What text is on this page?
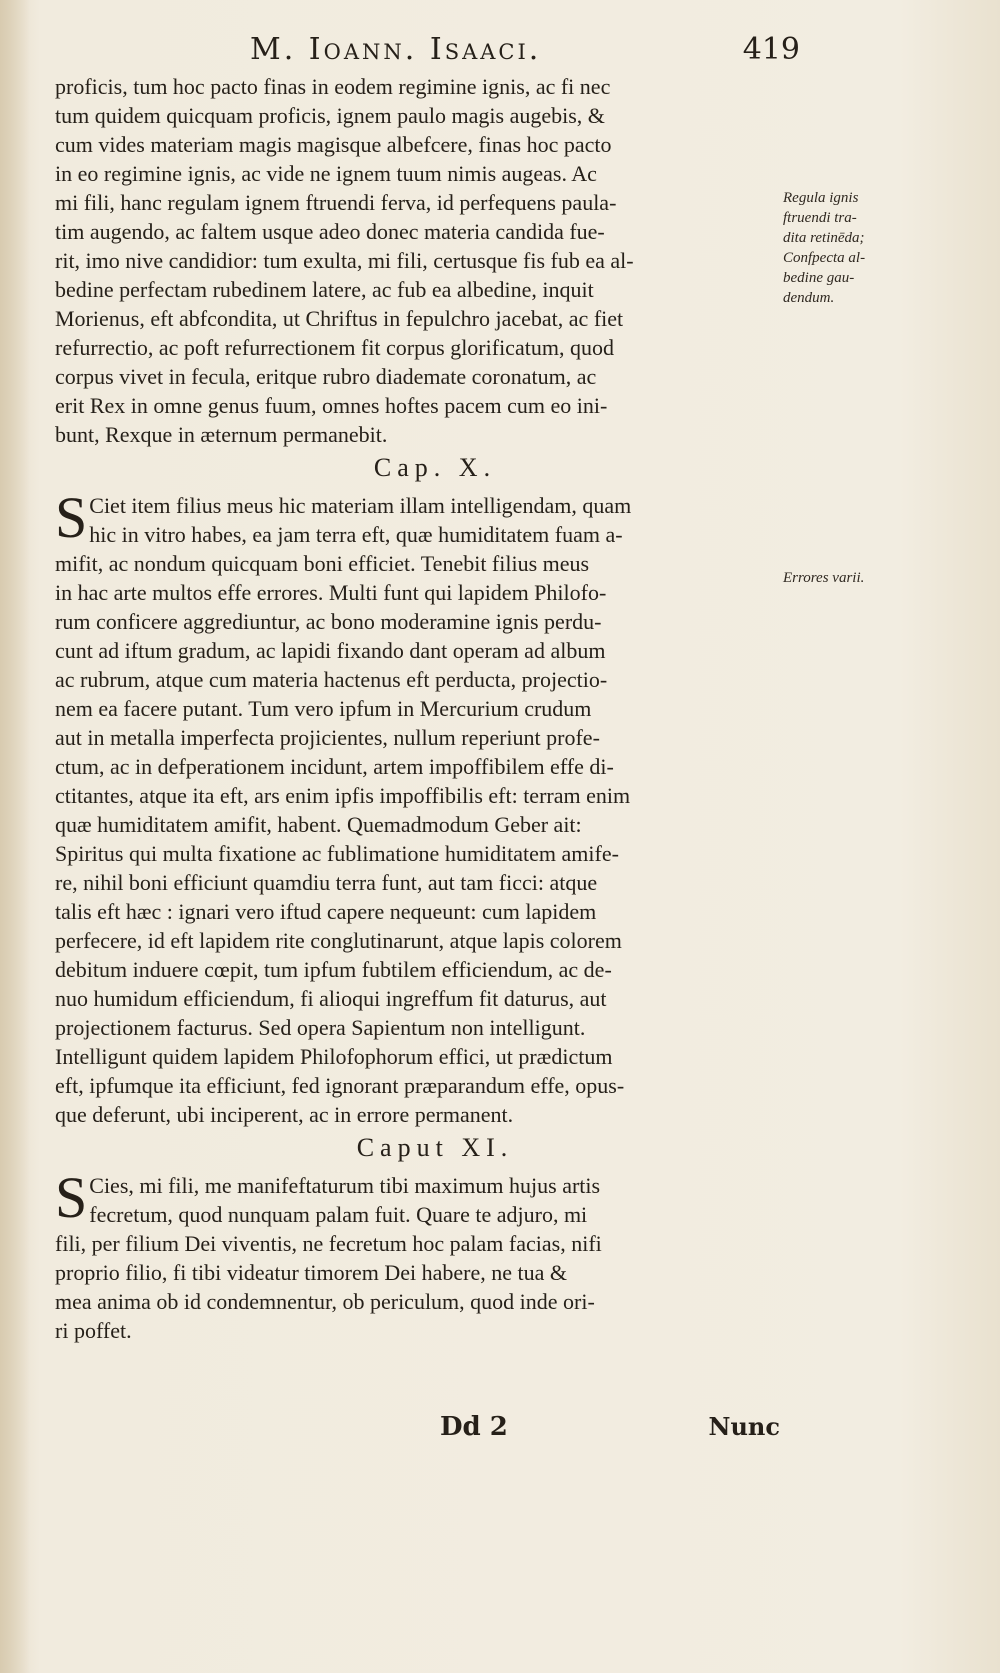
M. Ioann. Isaaci.	419
proficis, tum hoc pacto finas in eodem regimine ignis, ac fi nec
tum quidem quicquam proficis, ignem paulo magis augebis, &
cum vides materiam magis magisque albefcere, finas hoc pacto
in eo regimine ignis, ac vide ne ignem tuum nimis augeas. Ac
mi fili, hanc regulam ignem ftruendi ferva, id perfequens paula-
tim augendo, ac faltem usque adeo donec materia candida fue-
rit, imo nive candidior: tum exulta, mi fili, certusque fis fub ea al-
bedine perfectam rubedinem latere, ac fub ea albedine, inquit
Morienus, eft abfcondita, ut Chriftus in fepulchro jacebat, ac fiet
refurrectio, ac poft refurrectionem fit corpus glorificatum, quod
corpus vivet in fecula, eritque rubro diademate coronatum, ac
erit Rex in omne genus fuum, omnes hoftes pacem cum eo ini-
bunt, Rexque in æternum permanebit.
Cap. X.
S Ciet item filius meus hic materiam illam intelligendam, quam
hic in vitro habes, ea jam terra eft, quæ humiditatem fuam a-
mifit, ac nondum quicquam boni efficiet. Tenebit filius meus
in hac arte multos effe errores. Multi funt qui lapidem Philofo-
rum conficere aggrediuntur, ac bono moderamine ignis perdu-
cunt ad iftum gradum, ac lapidi fixando dant operam ad album
ac rubrum, atque cum materia hactenus eft perducta, projectio-
nem ea facere putant. Tum vero ipfum in Mercurium crudum
aut in metalla imperfecta projicientes, nullum reperiunt profe-
ctum, ac in defperationem incidunt, artem impoffibilem effe di-
ctitantes, atque ita eft, ars enim ipfis impoffibilis eft: terram enim
quæ humiditatem amifit, habent. Quemadmodum Geber ait:
Spiritus qui multa fixatione ac fublimatione humiditatem amife-
re, nihil boni efficiunt quamdiu terra funt, aut tam ficci: atque
talis eft hæc : ignari vero iftud capere nequeunt: cum lapidem
perfecere, id eft lapidem rite conglutinarunt, atque lapis colorem
debitum induere cœpit, tum ipfum fubtilem efficiendum, ac de-
nuo humidum efficiendum, fi alioqui ingreffum fit daturus, aut
projectionem facturus. Sed opera Sapientum non intelligunt.
Intelligunt quidem lapidem Philofophorum effici, ut prædictum
eft, ipfumque ita efficiunt, fed ignorant præparandum effe, opus-
que deferunt, ubi inciperent, ac in errore permanent.
Caput XI.
S Cies, mi fili, me manifeftaturum tibi maximum hujus artis
fecretum, quod nunquam palam fuit. Quare te adjuro, mi
fili, per filium Dei viventis, ne fecretum hoc palam facias, nifi
proprio filio, fi tibi videatur timorem Dei habere, ne tua &
mea anima ob id condemnentur, ob periculum, quod inde ori-
ri poffet.
Regula ignis
ftruendi tra-
dita retinēda;
Confpecta al-
bedine gau-
dendum.
Errores varii.
Dd 2	Nunc
